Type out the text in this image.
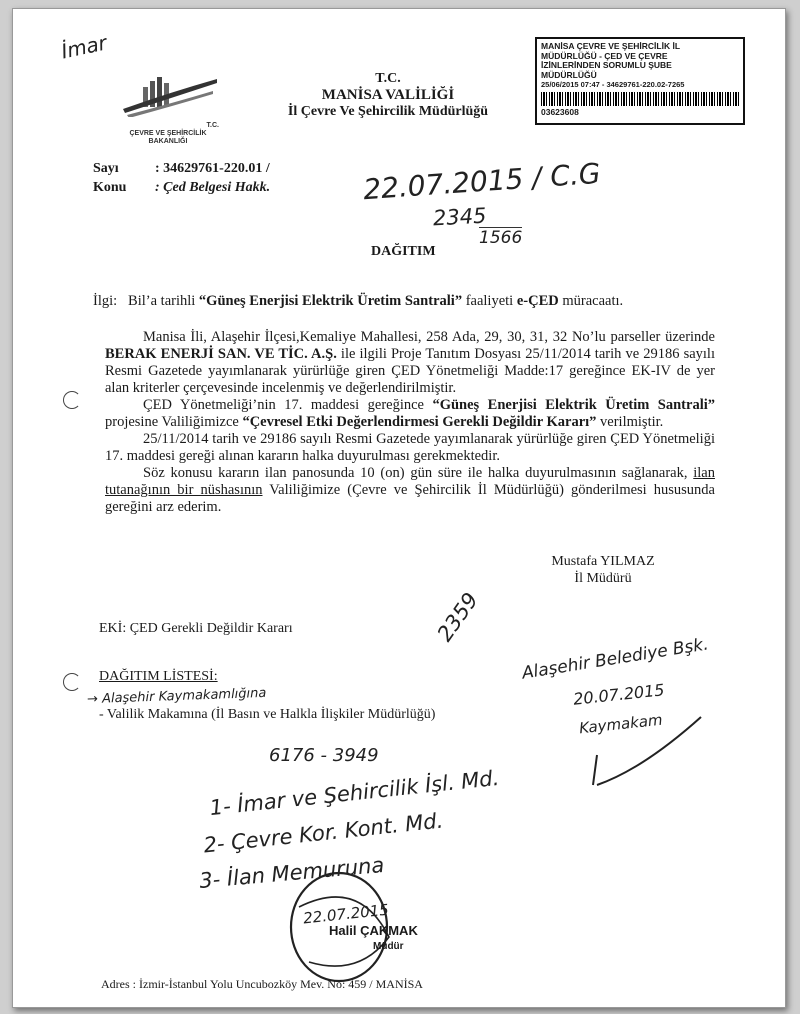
İmar
T.C.
ÇEVRE VE ŞEHİRCİLİK
BAKANLIĞI
T.C.
MANİSA VALİLİĞİ
İl Çevre Ve Şehircilik Müdürlüğü
MANİSA ÇEVRE VE ŞEHİRCİLİK İL
MÜDÜRLÜĞÜ - ÇED VE ÇEVRE
İZİNLERİNDEN SORUMLU ŞUBE
MÜDÜRLÜĞÜ
25/06/2015 07:47 - 34629761-220.02-7265
03623608
Sayı	: 34629761-220.01 /
Konu : Çed Belgesi Hakk.	22.07.2015 / C.G
2345
1566
DAĞITIM
İlgi: Bil’a tarihli “Güneş Enerjisi Elektrik Üretim Santrali” faaliyeti e-ÇED müracaatı.
Manisa İli, Alaşehir İlçesi,Kemaliye Mahallesi, 258 Ada, 29, 30, 31, 32 No’lu parseller üzerinde BERAK ENERJİ SAN. VE TİC. A.Ş. ile ilgili Proje Tanıtım Dosyası 25/11/2014 tarih ve 29186 sayılı Resmi Gazetede yayımlanarak yürürlüğe giren ÇED Yönetmeliği Madde:17 gereğince EK-IV de yer alan kriterler çerçevesinde incelenmiş ve değerlendirilmiştir.
ÇED Yönetmeliği’nin 17. maddesi gereğince “Güneş Enerjisi Elektrik Üretim Santrali” projesine Valiliğimizce “Çevresel Etki Değerlendirmesi Gerekli Değildir Kararı” verilmiştir.
25/11/2014 tarih ve 29186 sayılı Resmi Gazetede yayımlanarak yürürlüğe giren ÇED Yönetmeliği 17. maddesi gereği alınan kararın halka duyurulması gerekmektedir.
Söz konusu kararın ilan panosunda 10 (on) gün süre ile halka duyurulmasının sağlanarak, ilan tutanağının bir nüshasının Valiliğimize (Çevre ve Şehircilik İl Müdürlüğü) gönderilmesi hususunda gereğini arz ederim.
Mustafa YILMAZ
İl Müdürü
EKİ: ÇED Gerekli Değildir Kararı	2359
DAĞITIM LİSTESİ:
→ Alaşehir Kaymakamlığına
- Valilik Makamına (İl Basın ve Halkla İlişkiler Müdürlüğü)
Alaşehir Belediye Bşk.
20.07.2015
Kaymakam
6176 - 3949
1- İmar ve Şehircilik İşl. Md.
2- Çevre Kor. Kont. Md.
3- İlan Memuruna
22.07.2015
Halil ÇAKMAK
Müdür
Adres : İzmir-İstanbul Yolu Uncubozköy Mev. No: 459 / MANİSA
